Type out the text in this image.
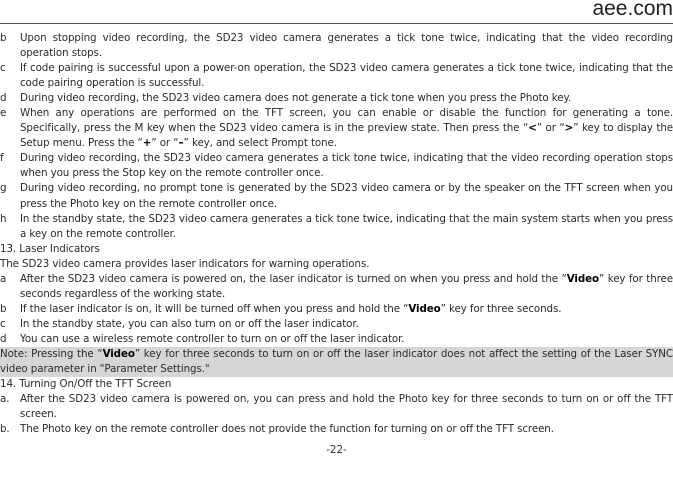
aee.com
b Upon stopping video recording, the SD23 video camera generates a tick tone twice, indicating that the video recording operation stops.
c If code pairing is successful upon a power-on operation, the SD23 video camera generates a tick tone twice, indicating that the code pairing operation is successful.
d During video recording, the SD23 video camera does not generate a tick tone when you press the Photo key.
e When any operations are performed on the TFT screen, you can enable or disable the function for generating a tone. Specifically, press the M key when the SD23 video camera is in the preview state. Then press the “<” or “>” key to display the Setup menu. Press the “+” or “–” key, and select Prompt tone.
f During video recording, the SD23 video camera generates a tick tone twice, indicating that the video recording operation stops when you press the Stop key on the remote controller once.
g During video recording, no prompt tone is generated by the SD23 video camera or by the speaker on the TFT screen when you press the Photo key on the remote controller once.
h In the standby state, the SD23 video camera generates a tick tone twice, indicating that the main system starts when you press a key on the remote controller.
13. Laser Indicators
The SD23 video camera provides laser indicators for warning operations.
a After the SD23 video camera is powered on, the laser indicator is turned on when you press and hold the “Video” key for three seconds regardless of the working state.
b If the laser indicator is on, it will be turned off when you press and hold the “Video” key for three seconds.
c In the standby state, you can also turn on or off the laser indicator.
d You can use a wireless remote controller to turn on or off the laser indicator.
Note: Pressing the “Video” key for three seconds to turn on or off the laser indicator does not affect the setting of the Laser SYNC video parameter in "Parameter Settings."
14. Turning On/Off the TFT Screen
a. After the SD23 video camera is powered on, you can press and hold the Photo key for three seconds to turn on or off the TFT screen.
b. The Photo key on the remote controller does not provide the function for turning on or off the TFT screen.
-22-
